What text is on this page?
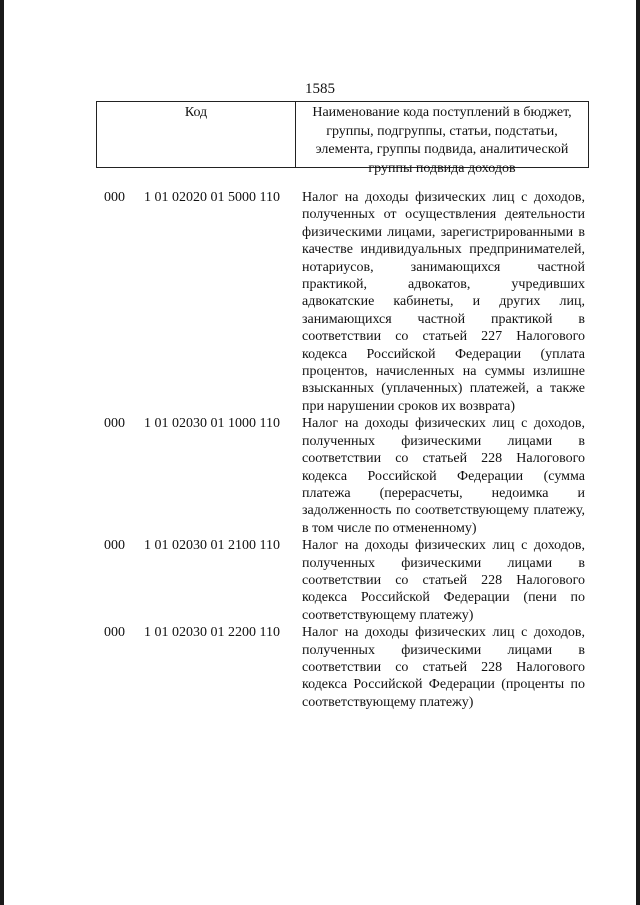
1585
Код	Наименование кода поступлений в бюджет, группы, подгруппы, статьи, подстатьи, элемента, группы подвида, аналитической группы подвида доходов
000 1 01 02020 01 5000 110 Налог на доходы физических лиц с доходов, полученных от осуществления деятельности физическими лицами, зарегистрированными в качестве индивидуальных предпринимателей, нотариусов, занимающихся частной практикой, адвокатов, учредивших адвокатские кабинеты, и других лиц, занимающихся частной практикой в соответствии со статьей 227 Налогового кодекса Российской Федерации (уплата процентов, начисленных на суммы излишне взысканных (уплаченных) платежей, а также при нарушении сроков их возврата)
000 1 01 02030 01 1000 110 Налог на доходы физических лиц с доходов, полученных физическими лицами в соответствии со статьей 228 Налогового кодекса Российской Федерации (сумма платежа (перерасчеты, недоимка и задолженность по соответствующему платежу, в том числе по отмененному)
000 1 01 02030 01 2100 110 Налог на доходы физических лиц с доходов, полученных физическими лицами в соответствии со статьей 228 Налогового кодекса Российской Федерации (пени по соответствующему платежу)
000 1 01 02030 01 2200 110 Налог на доходы физических лиц с доходов, полученных физическими лицами в соответствии со статьей 228 Налогового кодекса Российской Федерации (проценты по соответствующему платежу)
